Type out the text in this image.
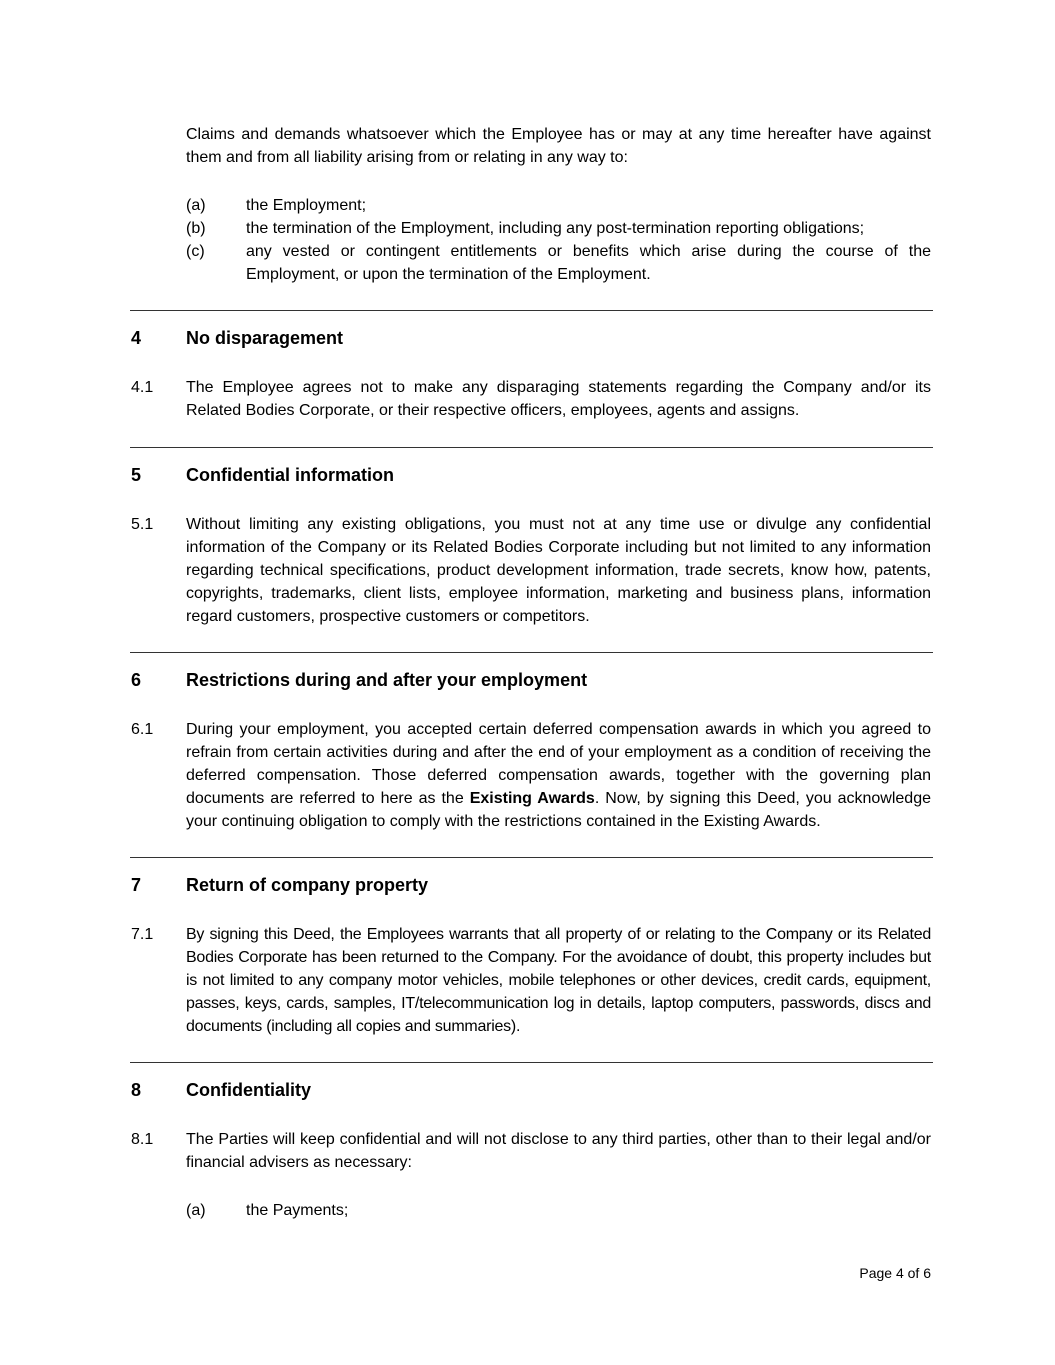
Claims and demands whatsoever which the Employee has or may at any time hereafter have against them and from all liability arising from or relating in any way to:

(a)	the Employment;
(b)	the termination of the Employment, including any post-termination reporting obligations;
(c)	any vested or contingent entitlements or benefits which arise during the course of the Employment, or upon the termination of the Employment.
4 No disparagement
4.1 The Employee agrees not to make any disparaging statements regarding the Company and/or its Related Bodies Corporate, or their respective officers, employees, agents and assigns.
5 Confidential information
5.1 Without limiting any existing obligations, you must not at any time use or divulge any confidential information of the Company or its Related Bodies Corporate including but not limited to any information regarding technical specifications, product development information, trade secrets, know how, patents, copyrights, trademarks, client lists, employee information, marketing and business plans, information regard customers, prospective customers or competitors.
6 Restrictions during and after your employment
6.1 During your employment, you accepted certain deferred compensation awards in which you agreed to refrain from certain activities during and after the end of your employment as a condition of receiving the deferred compensation. Those deferred compensation awards, together with the governing plan documents are referred to here as the Existing Awards. Now, by signing this Deed, you acknowledge your continuing obligation to comply with the restrictions contained in the Existing Awards.
7 Return of company property
7.1 By signing this Deed, the Employees warrants that all property of or relating to the Company or its Related Bodies Corporate has been returned to the Company. For the avoidance of doubt, this property includes but is not limited to any company motor vehicles, mobile telephones or other devices, credit cards, equipment, passes, keys, cards, samples, IT/telecommunication log in details, laptop computers, passwords, discs and documents (including all copies and summaries).
8 Confidentiality
8.1 The Parties will keep confidential and will not disclose to any third parties, other than to their legal and/or financial advisers as necessary:
(a)	the Payments;
Page 4 of 6
